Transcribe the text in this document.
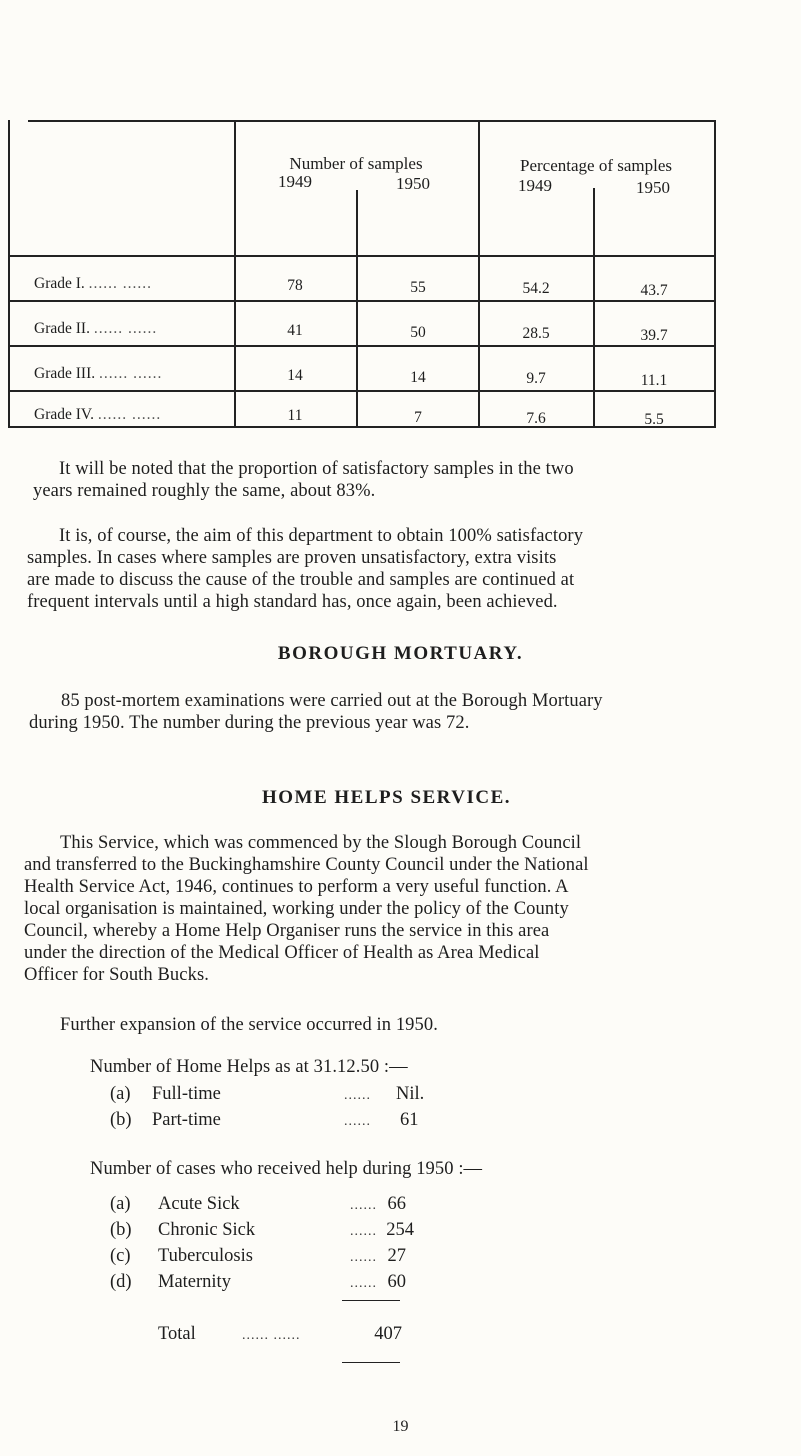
Number of samples	Percentage of samples
1949	1950	1949	1950
Grade I. ...... ......	78	55	54.2	43.7
Grade II. ...... ......	41	50	28.5	39.7
Grade III. ...... ......	14	14	9.7	11.1
Grade IV. ...... ......	11	7	7.6	5.5
It will be noted that the proportion of satisfactory samples in the two
years remained roughly the same, about 83%.
It is, of course, the aim of this department to obtain 100% satisfactory
samples. In cases where samples are proven unsatisfactory, extra visits
are made to discuss the cause of the trouble and samples are continued at
frequent intervals until a high standard has, once again, been achieved.
BOROUGH MORTUARY.
85 post-mortem examinations were carried out at the Borough Mortuary
during 1950. The number during the previous year was 72.
HOME HELPS SERVICE.
This Service, which was commenced by the Slough Borough Council
and transferred to the Buckinghamshire County Council under the National
Health Service Act, 1946, continues to perform a very useful function. A
local organisation is maintained, working under the policy of the County
Council, whereby a Home Help Organiser runs the service in this area
under the direction of the Medical Officer of Health as Area Medical
Officer for South Bucks.
Further expansion of the service occurred in 1950.
Number of Home Helps as at 31.12.50 :—
(a) Full-time	...... Nil.
(b) Part-time	...... 61
Number of cases who received help during 1950 :—
(a) Acute Sick	...... 66
(b) Chronic Sick	...... 254
(c) Tuberculosis	...... 27
(d) Maternity	...... 60
Total	...... ......	407
19
